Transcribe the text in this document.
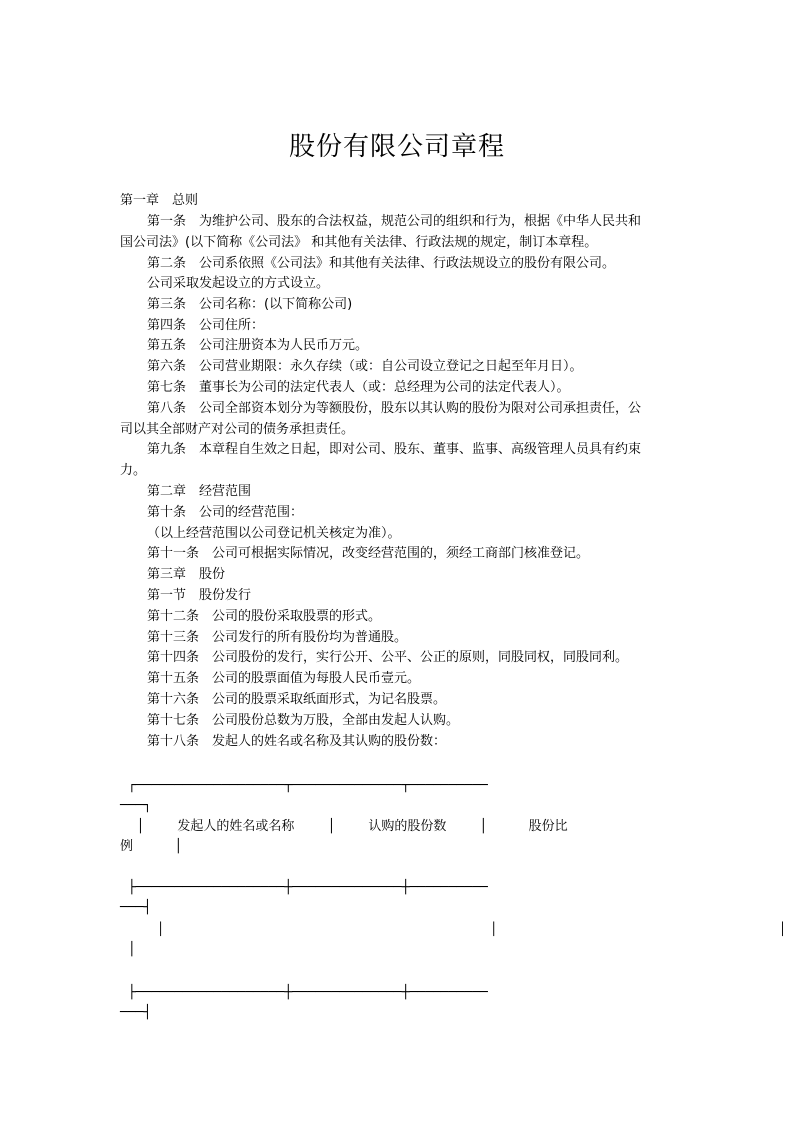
股份有限公司章程
第一章　总则
第一条　为维护公司、股东的合法权益，规范公司的组织和行为，根据《中华人民共和
国公司法》(以下简称《公司法》 和其他有关法律、行政法规的规定，制订本章程。
第二条　公司系依照《公司法》和其他有关法律、行政法规设立的股份有限公司。
公司采取发起设立的方式设立。
第三条　公司名称：(以下简称公司)
第四条　公司住所：
第五条　公司注册资本为人民币万元。
第六条　公司营业期限：永久存续（或：自公司设立登记之日起至年月日）。
第七条　董事长为公司的法定代表人（或：总经理为公司的法定代表人）。
第八条　公司全部资本划分为等额股份，股东以其认购的股份为限对公司承担责任，公
司以其全部财产对公司的债务承担责任。
第九条　本章程自生效之日起，即对公司、股东、董事、监事、高级管理人员具有约束
力。
第二章　经营范围
第十条　公司的经营范围：
（以上经营范围以公司登记机关核定为准）。
第十一条　公司可根据实际情况，改变经营范围的，须经工商部门核准登记。
第三章　股份
第一节　股份发行
第十二条　公司的股份采取股票的形式。
第十三条　公司发行的所有股份均为普通股。
第十四条　公司股份的发行，实行公开、公平、公正的原则，同股同权，同股同利。
第十五条　公司的股票面值为每股人民币壹元。
第十六条　公司的股票采取纸面形式，为记名股票。
第十七条　公司股份总数为万股，全部由发起人认购。
第十八条　发起人的姓名或名称及其认购的股份数：
┌───────────────────┬──────────────┬──────────
───┐
│        发起人的姓名或名称        │        认购的股份数        │          股份比
例          │
├───────────────────┼──────────────┼──────────
───┤
│                                            │                                      │
│
├───────────────────┼──────────────┼──────────
───┤
